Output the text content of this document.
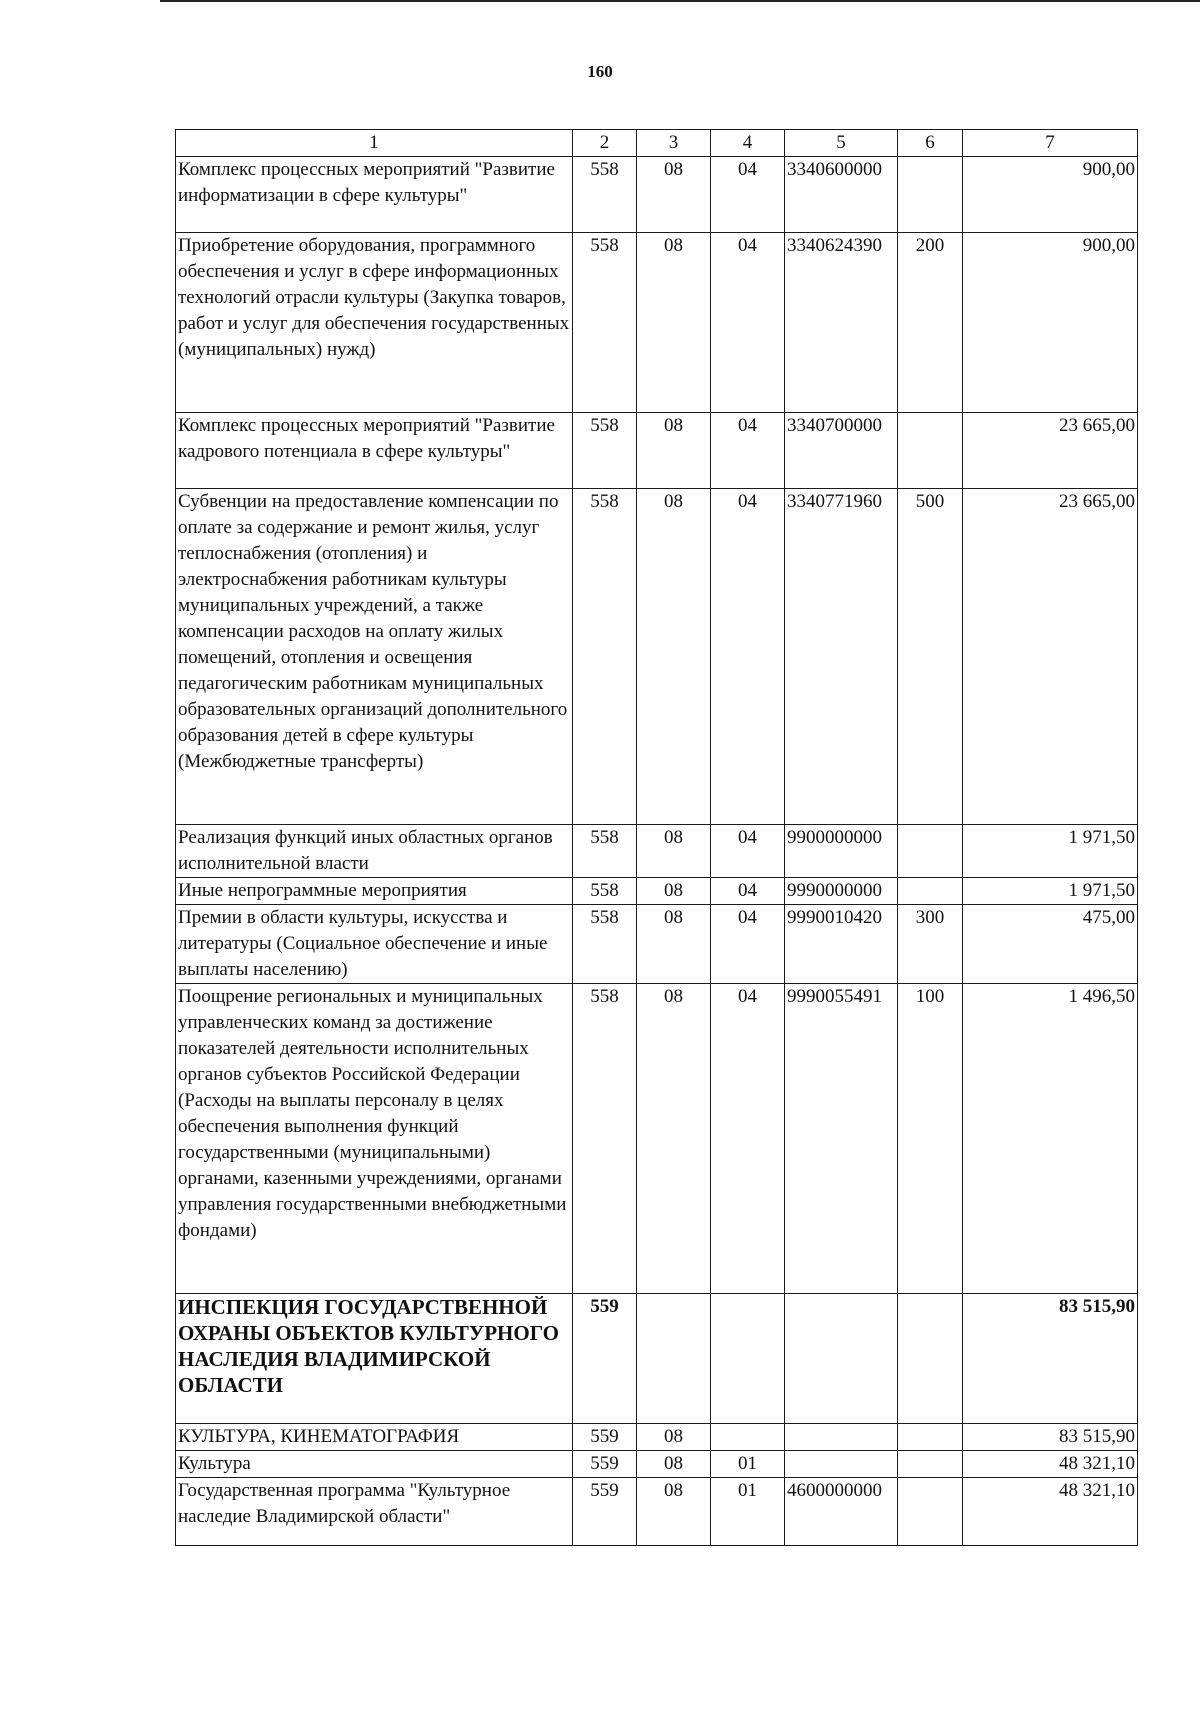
160
1	2	3	4	5	6	7
Комплекс процессных мероприятий "Развитие информатизации в сфере культуры"	558	08	04	3340600000		900,00
Приобретение оборудования, программного обеспечения и услуг в сфере информационных технологий отрасли культуры (Закупка товаров, работ и услуг для обеспечения государственных (муниципальных) нужд)	558	08	04	3340624390	200	900,00
Комплекс процессных мероприятий "Развитие кадрового потенциала в сфере культуры"	558	08	04	3340700000		23 665,00
Субвенции на предоставление компенсации по оплате за содержание и ремонт жилья, услуг теплоснабжения (отопления) и электроснабжения работникам культуры муниципальных учреждений, а также компенсации расходов на оплату жилых помещений, отопления и освещения педагогическим работникам муниципальных образовательных организаций дополнительного образования детей в сфере культуры (Межбюджетные трансферты)	558	08	04	3340771960	500	23 665,00
Реализация функций иных областных органов исполнительной власти	558	08	04	9900000000		1 971,50
Иные непрограммные мероприятия	558	08	04	9990000000		1 971,50
Премии в области культуры, искусства и литературы (Социальное обеспечение и иные выплаты населению)	558	08	04	9990010420	300	475,00
Поощрение региональных и муниципальных управленческих команд за достижение показателей деятельности исполнительных органов субъектов Российской Федерации (Расходы на выплаты персоналу в целях обеспечения выполнения функций государственными (муниципальными) органами, казенными учреждениями, органами управления государственными внебюджетными фондами)	558	08	04	9990055491	100	1 496,50
ИНСПЕКЦИЯ ГОСУДАРСТВЕННОЙ ОХРАНЫ ОБЪЕКТОВ КУЛЬТУРНОГО НАСЛЕДИЯ ВЛАДИМИРСКОЙ ОБЛАСТИ	559					83 515,90
КУЛЬТУРА, КИНЕМАТОГРАФИЯ	559	08				83 515,90
Культура	559	08	01			48 321,10
Государственная программа "Культурное наследие Владимирской области"	559	08	01	4600000000		48 321,10
